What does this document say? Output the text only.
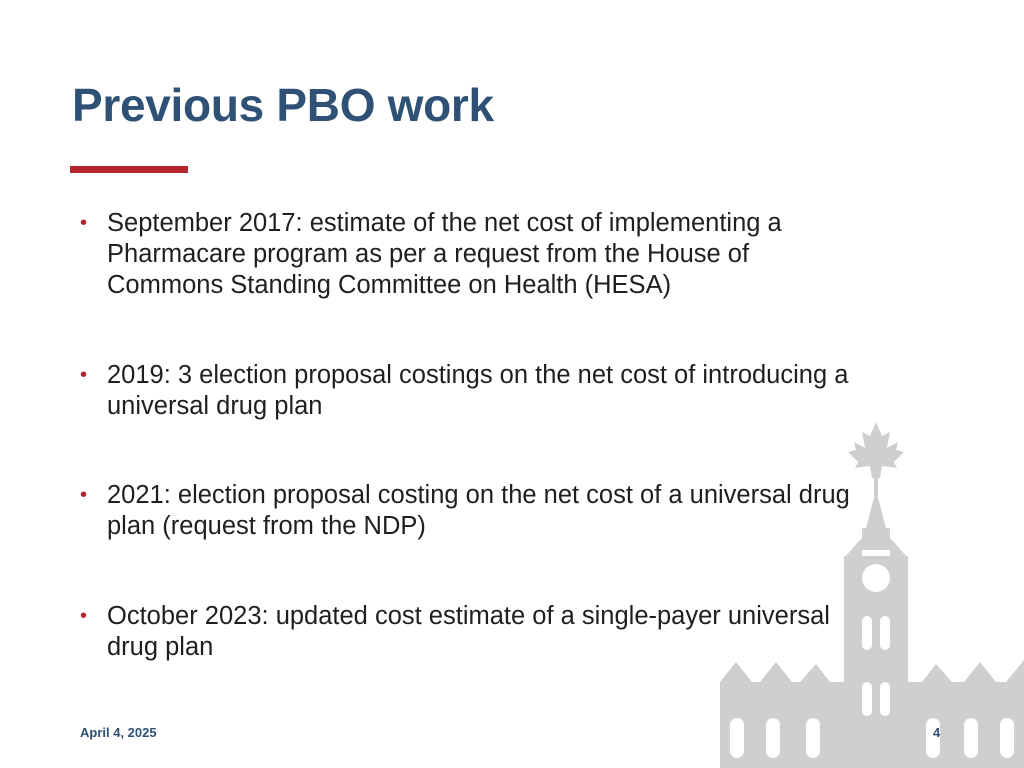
Previous PBO work
• September 2017: estimate of the net cost of implementing a
Pharmacare program as per a request from the House of
Commons Standing Committee on Health (HESA)
• 2019: 3 election proposal costings on the net cost of introducing a
universal drug plan
• 2021: election proposal costing on the net cost of a universal drug
plan (request from the NDP)
• October 2023: updated cost estimate of a single-payer universal
drug plan
April 4, 2025	4
